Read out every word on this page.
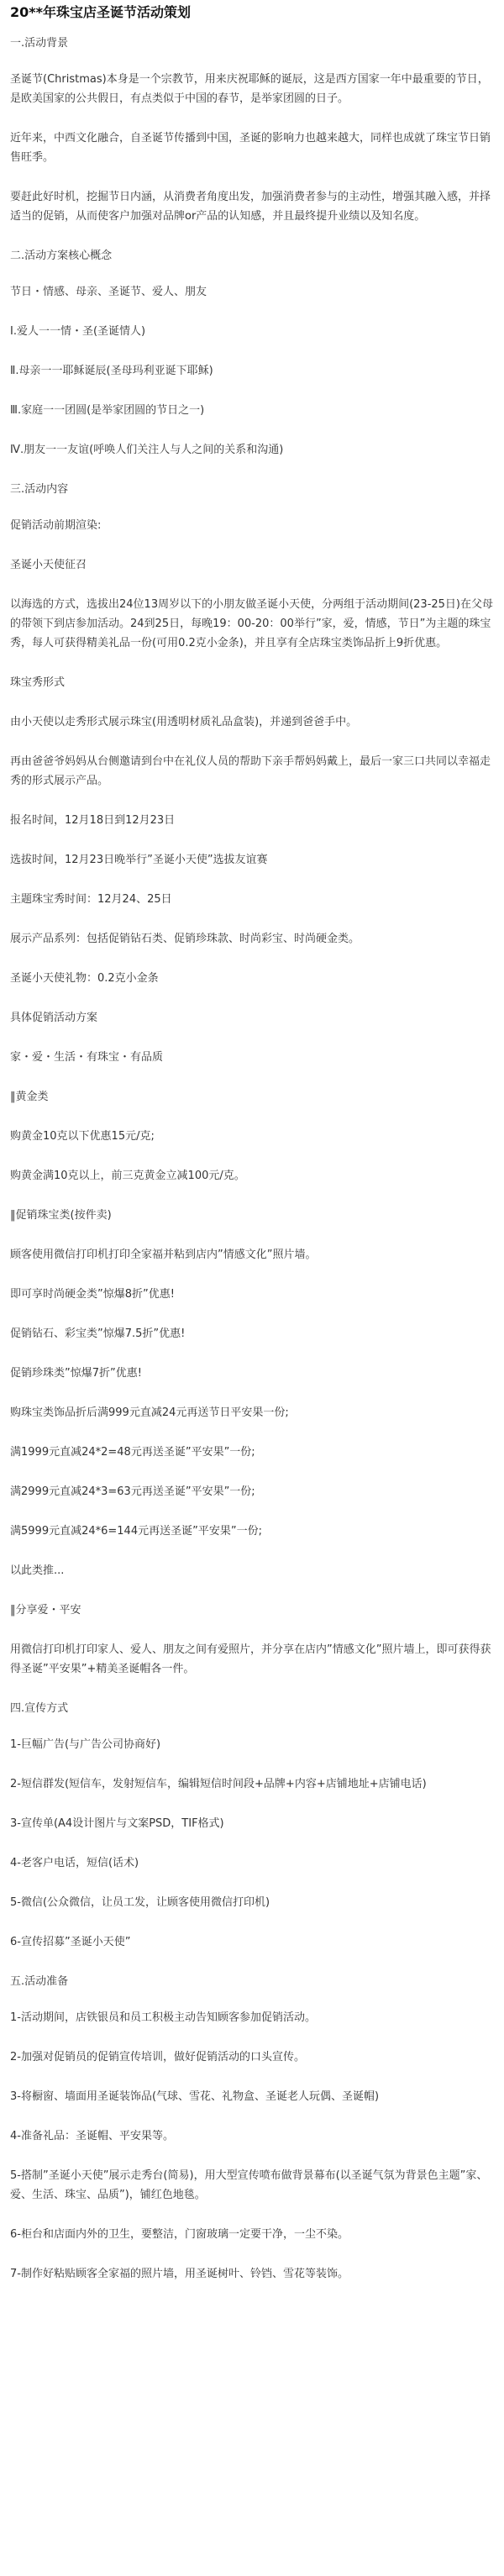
20**年珠宝店圣诞节活动策划
一.活动背景
圣诞节(Christmas)本身是一个宗教节，用来庆祝耶稣的诞辰，这是西方国家一年中最重要的节日，是欧美国家的公共假日，有点类似于中国的春节，是举家团圆的日子。
近年来，中西文化融合，自圣诞节传播到中国，圣诞的影响力也越来越大，同样也成就了珠宝节日销售旺季。
要赶此好时机，挖掘节日内涵，从消费者角度出发，加强消费者参与的主动性，增强其融入感，并择适当的促销，从而使客户加强对品牌or产品的认知感，并且最终提升业绩以及知名度。
二.活动方案核心概念
节日・情感、母亲、圣诞节、爱人、朋友
Ⅰ.爱人一一情・圣(圣诞情人)
Ⅱ.母亲一一耶稣诞辰(圣母玛利亚诞下耶稣)
Ⅲ.家庭一一团圆(是举家团圆的节日之一)
Ⅳ.朋友一一友谊(呼唤人们关注人与人之间的关系和沟通)
三.活动内容
促销活动前期渲染:
圣诞小天使征召
以海选的方式，选拔出24位13周岁以下的小朋友做圣诞小天使，分两组于活动期间(23-25日)在父母的带领下到店参加活动。24到25日，每晚19：00-20：00举行”家，爱，情感，节日”为主题的珠宝秀，每人可获得精美礼品一份(可用0.2克小金条)，并且享有全店珠宝类饰品折上9折优惠。
珠宝秀形式
由小天使以走秀形式展示珠宝(用透明材质礼品盒装)，并递到爸爸手中。
再由爸爸爷妈妈从台侧邀请到台中在礼仪人员的帮助下亲手帮妈妈戴上，最后一家三口共同以幸福走秀的形式展示产品。
报名时间，12月18日到12月23日
选拔时间，12月23日晚举行”圣诞小天使”选拔友谊赛
主题珠宝秀时间：12月24、25日
展示产品系列：包括促销钻石类、促销珍珠款、时尚彩宝、时尚硬金类。
圣诞小天使礼物：0.2克小金条
具体促销活动方案
家・爱・生活・有珠宝・有品质
‖黄金类
购黄金10克以下优惠15元/克;
购黄金满10克以上，前三克黄金立减100元/克。
‖促销珠宝类(按件卖)
顾客使用微信打印机打印全家福并粘到店内”情感文化”照片墙。
即可享时尚硬金类”惊爆8折”优惠!
促销钻石、彩宝类”惊爆7.5折”优惠!
促销珍珠类”惊爆7折”优惠!
购珠宝类饰品折后满999元直减24元再送节日平安果一份;
满1999元直减24*2=48元再送圣诞”平安果”一份;
满2999元直减24*3=63元再送圣诞”平安果”一份;
满5999元直减24*6=144元再送圣诞”平安果”一份;
以此类推...
‖分享爱・平安
用微信打印机打印家人、爱人、朋友之间有爱照片，并分享在店内”情感文化”照片墙上，即可获得获得圣诞”平安果”+精美圣诞帽各一件。
四.宣传方式
1-巨幅广告(与广告公司协商好)
2-短信群发(短信车，发射短信车，编辑短信时间段+品牌+内容+店铺地址+店铺电话)
3-宣传单(A4设计图片与文案PSD，TIF格式)
4-老客户电话，短信(话术)
5-微信(公众微信，让员工发，让顾客使用微信打印机)
6-宣传招募”圣诞小天使”
五.活动准备
1-活动期间，店铁银员和员工积极主动告知顾客参加促销活动。
2-加强对促销员的促销宣传培训，做好促销活动的口头宣传。
3-将橱窗、墙面用圣诞装饰品(气球、雪花、礼物盒、圣诞老人玩偶、圣诞帽)
4-准备礼品：圣诞帽、平安果等。
5-搭制”圣诞小天使”展示走秀台(简易)，用大型宣传喷布做背景幕布(以圣诞气氛为背景色主题”家、爱、生活、珠宝、品质”)，铺红色地毯。
6-柜台和店面内外的卫生，要整洁，门窗玻璃一定要干净，一尘不染。
7-制作好粘贴顾客全家福的照片墙，用圣诞树叶、铃铛、雪花等装饰。
